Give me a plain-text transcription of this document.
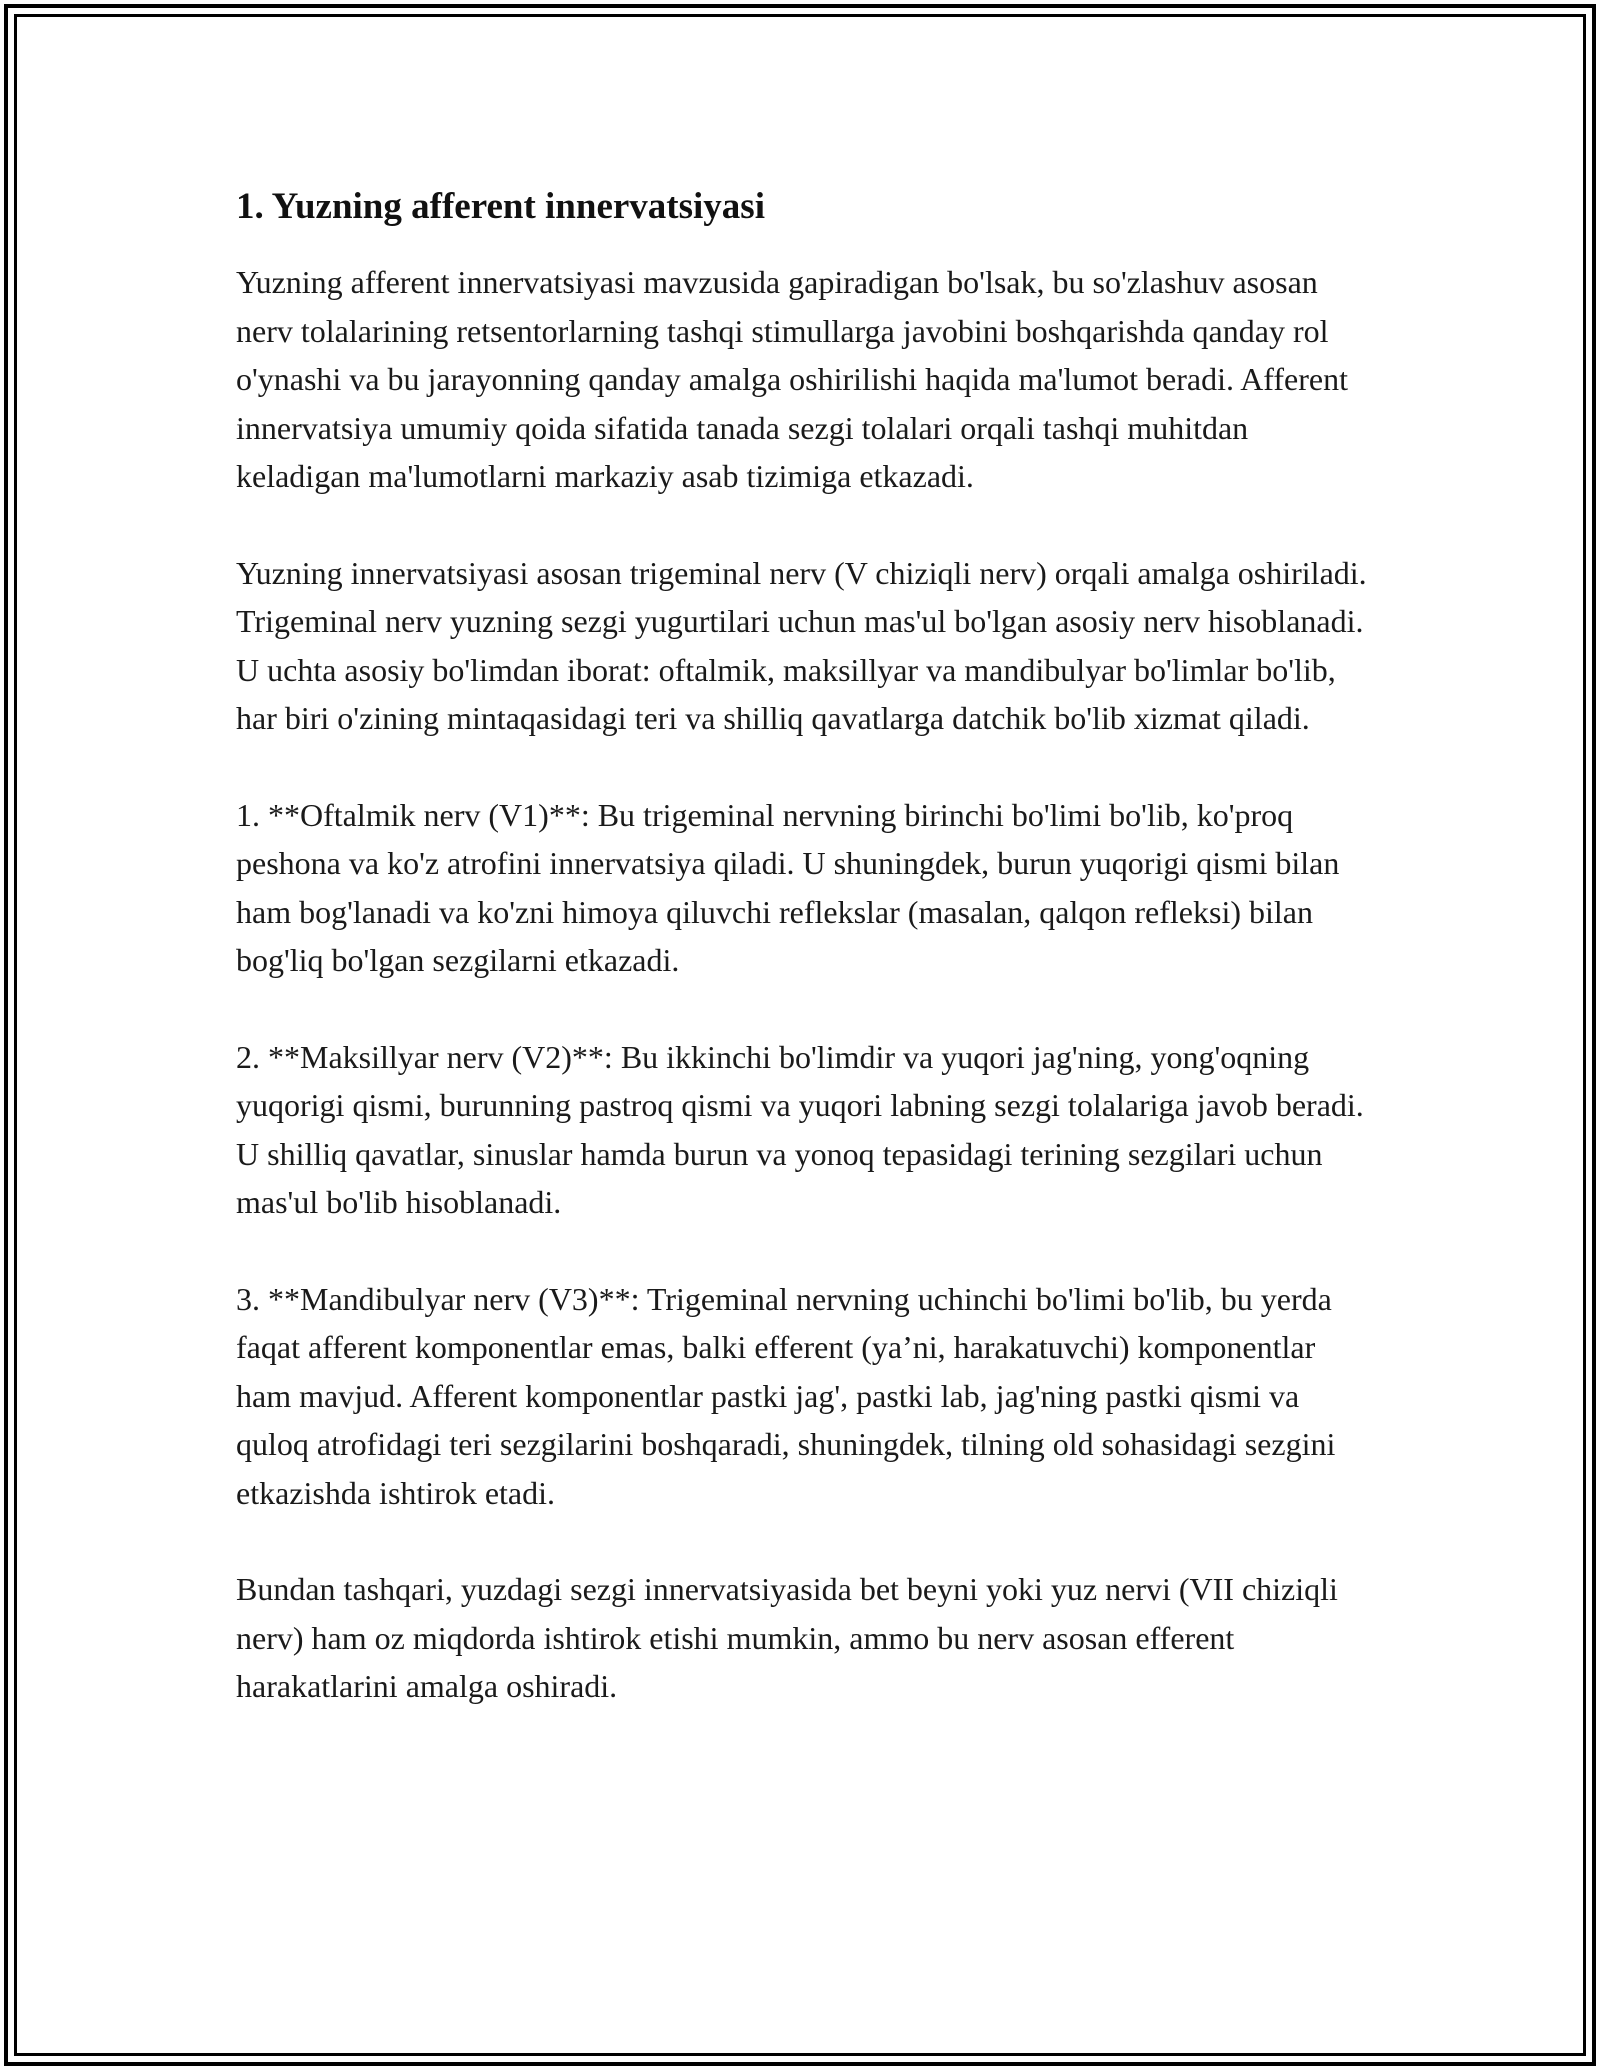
1. Yuzning afferent innervatsiyasi

Yuzning afferent innervatsiyasi mavzusida gapiradigan bo'lsak, bu so'zlashuv asosan nerv tolalarining retsentorlarning tashqi stimullarga javobini boshqarishda qanday rol o'ynashi va bu jarayonning qanday amalga oshirilishi haqida ma'lumot beradi. Afferent innervatsiya umumiy qoida sifatida tanada sezgi tolalari orqali tashqi muhitdan keladigan ma'lumotlarni markaziy asab tizimiga etkazadi.

Yuzning innervatsiyasi asosan trigeminal nerv (V chiziqli nerv) orqali amalga oshiriladi. Trigeminal nerv yuzning sezgi yugurtilari uchun mas'ul bo'lgan asosiy nerv hisoblanadi. U uchta asosiy bo'limdan iborat: oftalmik, maksillyar va mandibulyar bo'limlar bo'lib, har biri o'zining mintaqasidagi teri va shilliq qavatlarga datchik bo'lib xizmat qiladi.

1. **Oftalmik nerv (V1)**: Bu trigeminal nervning birinchi bo'limi bo'lib, ko'proq peshona va ko'z atrofini innervatsiya qiladi. U shuningdek, burun yuqorigi qismi bilan ham bog'lanadi va ko'zni himoya qiluvchi reflekslar (masalan, qalqon refleksi) bilan bog'liq bo'lgan sezgilarni etkazadi.

2. **Maksillyar nerv (V2)**: Bu ikkinchi bo'limdir va yuqori jag'ning, yong'oqning yuqorigi qismi, burunning pastroq qismi va yuqori labning sezgi tolalariga javob beradi. U shilliq qavatlar, sinuslar hamda burun va yonoq tepasidagi terining sezgilari uchun mas'ul bo'lib hisoblanadi.

3. **Mandibulyar nerv (V3)**: Trigeminal nervning uchinchi bo'limi bo'lib, bu yerda faqat afferent komponentlar emas, balki efferent (ya’ni, harakatuvchi) komponentlar ham mavjud. Afferent komponentlar pastki jag', pastki lab, jag'ning pastki qismi va quloq atrofidagi teri sezgilarini boshqaradi, shuningdek, tilning old sohasidagi sezgini etkazishda ishtirok etadi.

Bundan tashqari, yuzdagi sezgi innervatsiyasida bet beyni yoki yuz nervi (VII chiziqli nerv) ham oz miqdorda ishtirok etishi mumkin, ammo bu nerv asosan efferent harakatlarini amalga oshiradi.
